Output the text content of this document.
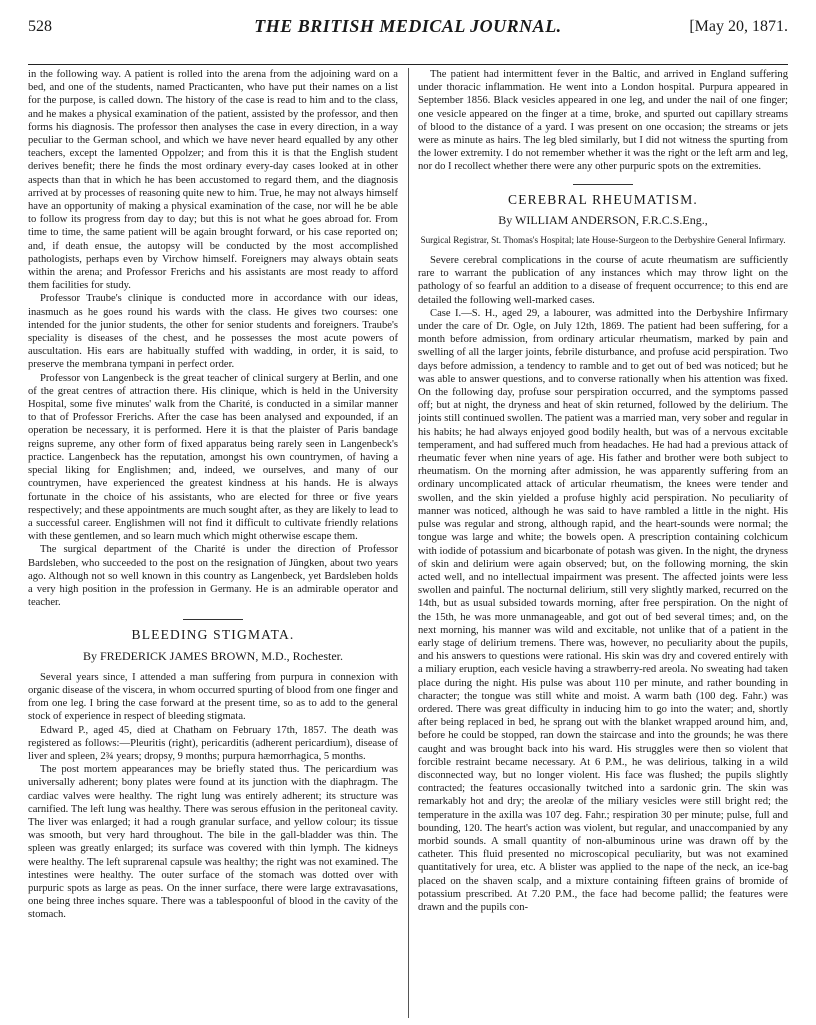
528	THE BRITISH MEDICAL JOURNAL.	[May 20, 1871.

in the following way. A patient is rolled into the arena from the adjoining ward on a bed, and one of the students, named Practicanten, who have put their names on a list for the purpose, is called down. The history of the case is read to him and to the class, and he makes a physical examination of the patient, assisted by the professor, and then forms his diagnosis. The professor then analyses the case in every direction, in a way peculiar to the German school, and which we have never heard equalled by any other teachers, except the lamented Oppolzer; and from this it is that the English student derives benefit; there he finds the most ordinary every-day cases looked at in other aspects than that in which he has been accustomed to regard them, and the diagnosis arrived at by processes of reasoning quite new to him. True, he may not always himself have an opportunity of making a physical examination of the case, nor will he be able to follow its progress from day to day; but this is not what he goes abroad for. From time to time, the same patient will be again brought forward, or his case reported on; and, if death ensue, the autopsy will be conducted by the most accomplished pathologists, perhaps even by Virchow himself. Foreigners may always obtain seats within the arena; and Professor Frerichs and his assistants are most ready to afford them facilities for study.

Professor Traube's clinique is conducted more in accordance with our ideas, inasmuch as he goes round his wards with the class. He gives two courses: one intended for the junior students, the other for senior students and foreigners. Traube's speciality is diseases of the chest, and he possesses the most acute powers of auscultation. His ears are habitually stuffed with wadding, in order, it is said, to preserve the membrana tympani in perfect order.

Professor von Langenbeck is the great teacher of clinical surgery at Berlin, and one of the great centres of attraction there. His clinique, which is held in the University Hospital, some five minutes' walk from the Charité, is conducted in a similar manner to that of Professor Frerichs. After the case has been analysed and expounded, if an operation be necessary, it is performed. Here it is that the plaister of Paris bandage reigns supreme, any other form of fixed apparatus being rarely seen in Langenbeck's practice. Langenbeck has the reputation, amongst his own countrymen, of having a special liking for Englishmen; and, indeed, we ourselves, and many of our countrymen, have experienced the greatest kindness at his hands. He is always fortunate in the choice of his assistants, who are elected for three or five years respectively; and these appointments are much sought after, as they are likely to lead to a successful career. Englishmen will not find it difficult to cultivate friendly relations with these gentlemen, and so learn much which might otherwise escape them.

The surgical department of the Charité is under the direction of Professor Bardsleben, who succeeded to the post on the resignation of Jüngken, about two years ago. Although not so well known in this country as Langenbeck, yet Bardsleben holds a very high position in the profession in Germany. He is an admirable operator and teacher.

BLEEDING STIGMATA.
By FREDERICK JAMES BROWN, M.D., Rochester.

Several years since, I attended a man suffering from purpura in connexion with organic disease of the viscera, in whom occurred spurting of blood from one finger and from one leg. I bring the case forward at the present time, so as to add to the general stock of experience in respect of bleeding stigmata.

Edward P., aged 45, died at Chatham on February 17th, 1857. The death was registered as follows:—Pleuritis (right), pericarditis (adherent pericardium), disease of liver and spleen, 2¾ years; dropsy, 9 months; purpura hæmorrhagica, 5 months.

The post mortem appearances may be briefly stated thus. The pericardium was universally adherent; bony plates were found at its junction with the diaphragm. The cardiac valves were healthy. The right lung was entirely adherent; its structure was carnified. The left lung was healthy. There was serous effusion in the peritoneal cavity. The liver was enlarged; it had a rough granular surface, and yellow colour; its tissue was smooth, but very hard throughout. The bile in the gall-bladder was thin. The spleen was greatly enlarged; its surface was covered with thin lymph. The kidneys were healthy. The left suprarenal capsule was healthy; the right was not examined. The intestines were healthy. The outer surface of the stomach was dotted over with purpuric spots as large as peas. On the inner surface, there were large extravasations, one being three inches square. There was a tablespoonful of blood in the cavity of the stomach.

The patient had intermittent fever in the Baltic, and arrived in England suffering under thoracic inflammation. He went into a London hospital. Purpura appeared in September 1856. Black vesicles appeared in one leg, and under the nail of one finger; one vesicle appeared on the finger at a time, broke, and spurted out capillary streams of blood to the distance of a yard. I was present on one occasion; the streams or jets were as minute as hairs. The leg bled similarly, but I did not witness the spurting from the lower extremity. I do not remember whether it was the right or the left arm and leg, nor do I recollect whether there were any other purpuric spots on the extremities.

CEREBRAL RHEUMATISM.
By WILLIAM ANDERSON, F.R.C.S.Eng.,
Surgical Registrar, St. Thomas's Hospital; late House-Surgeon to the Derbyshire General Infirmary.

Severe cerebral complications in the course of acute rheumatism are sufficiently rare to warrant the publication of any instances which may throw light on the pathology of so fearful an addition to a disease of frequent occurrence; to this end are detailed the following well-marked cases.

Case I.—S. H., aged 29, a labourer, was admitted into the Derbyshire Infirmary under the care of Dr. Ogle, on July 12th, 1869. The patient had been suffering, for a month before admission, from ordinary articular rheumatism, marked by pain and swelling of all the larger joints, febrile disturbance, and profuse acid perspiration. Two days before admission, a tendency to ramble and to get out of bed was noticed; but he was able to answer questions, and to converse rationally when his attention was fixed. On the following day, profuse sour perspiration occurred, and the symptoms passed off; but at night, the dryness and heat of skin returned, followed by the delirium. The joints still continued swollen. The patient was a married man, very sober and regular in his habits; he had always enjoyed good bodily health, but was of a nervous excitable temperament, and had suffered much from headaches. He had had a previous attack of rheumatic fever when nine years of age. His father and brother were both subject to rheumatism. On the morning after admission, he was apparently suffering from an ordinary uncomplicated attack of articular rheumatism, the knees were tender and swollen, and the skin yielded a profuse highly acid perspiration. No peculiarity of manner was noticed, although he was said to have rambled a little in the night. His pulse was regular and strong, although rapid, and the heart-sounds were normal; the tongue was large and white; the bowels open. A prescription containing colchicum with iodide of potassium and bicarbonate of potash was given. In the night, the dryness of skin and delirium were again observed; but, on the following morning, the skin acted well, and no intellectual impairment was present. The affected joints were less swollen and painful. The nocturnal delirium, still very slightly marked, recurred on the 14th, but as usual subsided towards morning, after free perspiration. On the night of the 15th, he was more unmanageable, and got out of bed several times; and, on the next morning, his manner was wild and excitable, not unlike that of a patient in the early stage of delirium tremens. There was, however, no peculiarity about the pupils, and his answers to questions were rational. His skin was dry and covered entirely with a miliary eruption, each vesicle having a strawberry-red areola. No sweating had taken place during the night. His pulse was about 110 per minute, and rather bounding in character; the tongue was still white and moist. A warm bath (100 deg. Fahr.) was ordered. There was great difficulty in inducing him to go into the water; and, shortly after being replaced in bed, he sprang out with the blanket wrapped around him, and, before he could be stopped, ran down the staircase and into the grounds; he was there caught and was brought back into his ward. His struggles were then so violent that forcible restraint became necessary. At 6 P.M., he was delirious, talking in a wild disconnected way, but no longer violent. His face was flushed; the pupils slightly contracted; the features occasionally twitched into a sardonic grin. The skin was remarkably hot and dry; the areolæ of the miliary vesicles were still bright red; the temperature in the axilla was 107 deg. Fahr.; respiration 30 per minute; pulse, full and bounding, 120. The heart's action was violent, but regular, and unaccompanied by any morbid sounds. A small quantity of non-albuminous urine was drawn off by the catheter. This fluid presented no microscopical peculiarity, but was not examined quantitatively for urea, etc. A blister was applied to the nape of the neck, an ice-bag placed on the shaven scalp, and a mixture containing fifteen grains of bromide of potassium prescribed. At 7.20 P.M., the face had become pallid; the features were drawn and the pupils con-
